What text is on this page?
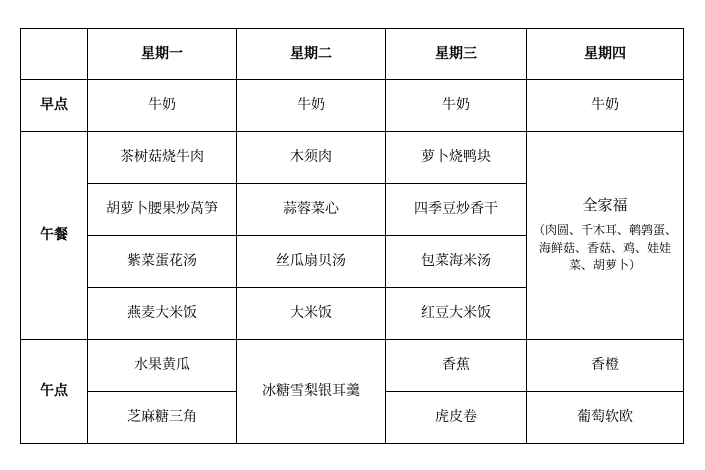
	星期一	星期二	星期三	星期四
早点	牛奶	牛奶	牛奶	牛奶
午餐	茶树菇烧牛肉	木须肉	萝卜烧鸭块	全家福
（肉圆、千木耳、鹌鹑蛋、海鲜菇、香菇、鸡、娃娃菜、胡萝卜）

	胡萝卜腰果炒莴笋	蒜蓉菜心	四季豆炒香干	
	紫菜蛋花汤	丝瓜扇贝汤	包菜海米汤	
	燕麦大米饭	大米饭	红豆大米饭	
午点	水果黄瓜	冰糖雪梨银耳羹	香蕉	香橙
	芝麻糖三角		虎皮卷	葡萄软欧
